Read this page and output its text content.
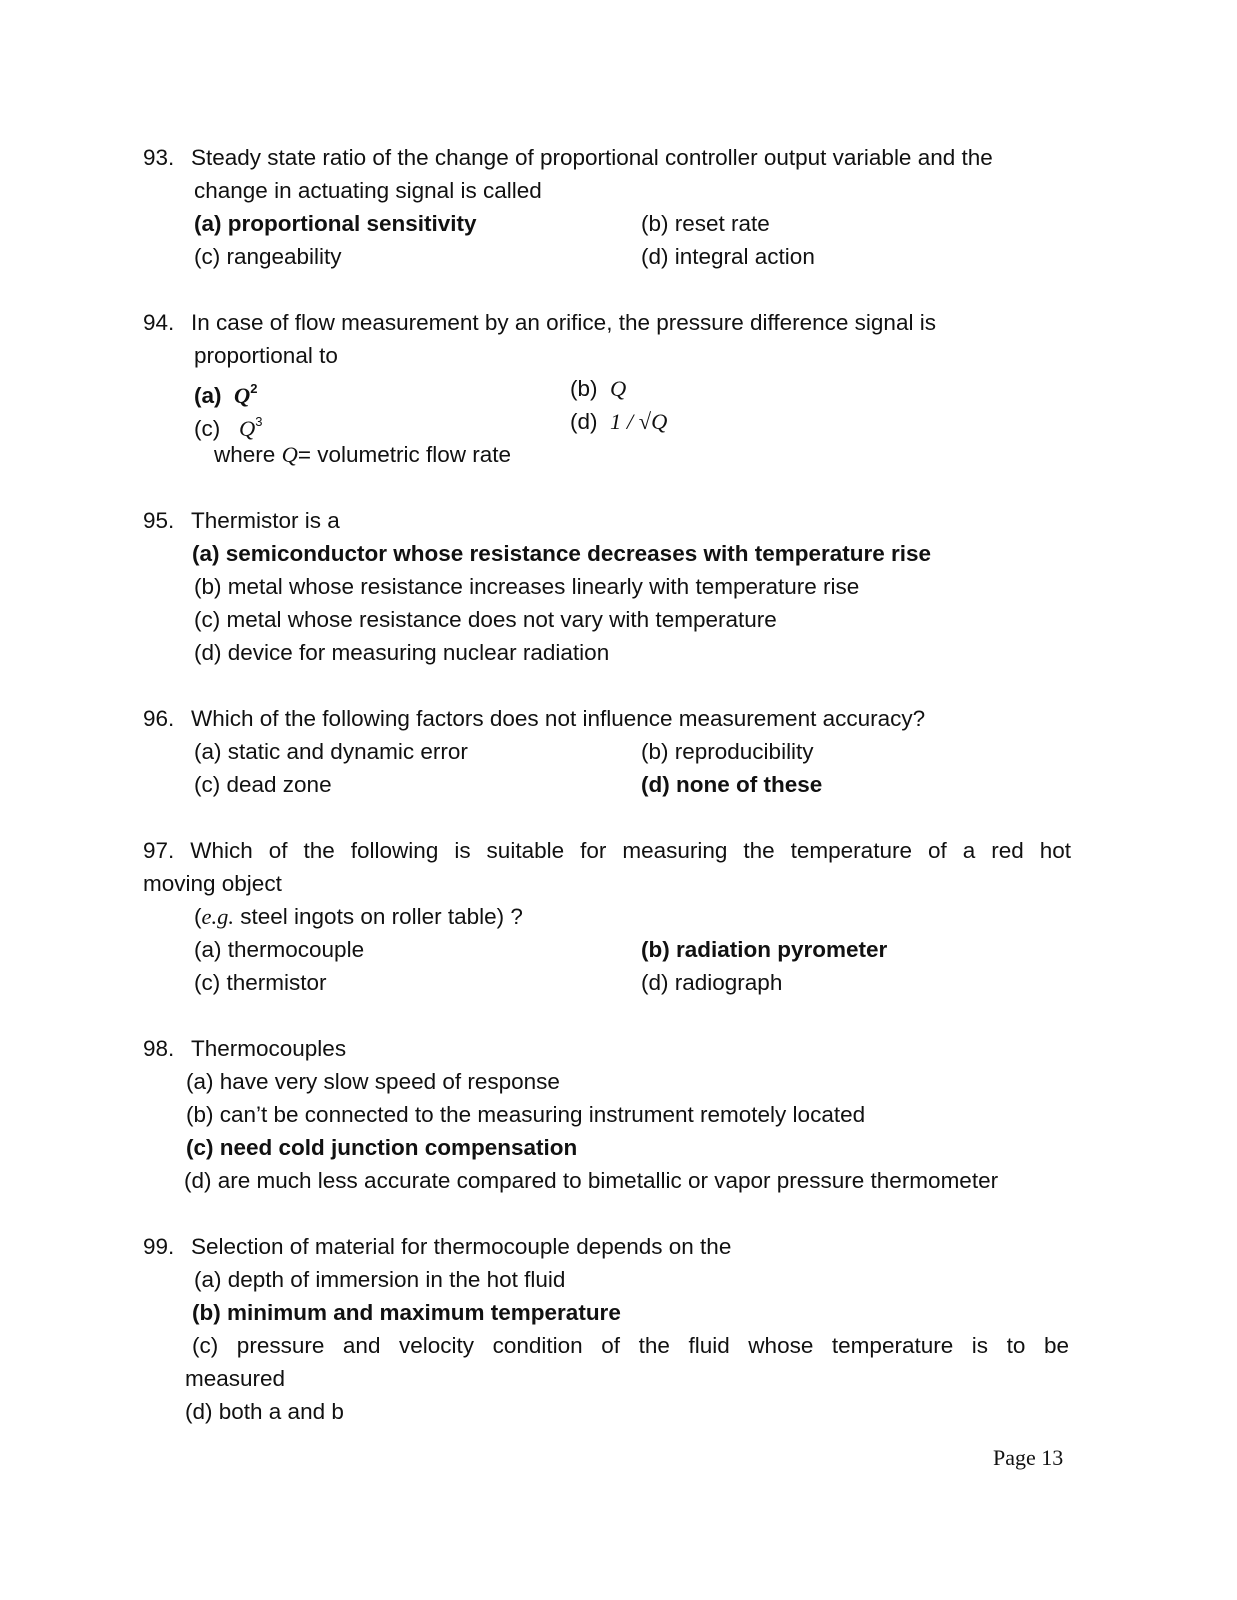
93. Steady state ratio of the change of proportional controller output variable and the
change in actuating signal is called
(a) proportional sensitivity	(b) reset rate
(c) rangeability	(d) integral action
94. In case of flow measurement by an orifice, the pressure difference signal is
proportional to
(a) $Q^2$	(b) Q
(c) $Q^3$	(d) 1 / √Q
where Q= volumetric flow rate
95. Thermistor is a
(a) semiconductor whose resistance decreases with temperature rise
(b) metal whose resistance increases linearly with temperature rise
(c) metal whose resistance does not vary with temperature
(d) device for measuring nuclear radiation
96. Which of the following factors does not influence measurement accuracy?
(a) static and dynamic error	(b) reproducibility
(c) dead zone	(d) none of these
97. Which of the following is suitable for measuring the temperature of a red hot
moving object
(e.g. steel ingots on roller table) ?
(a) thermocouple	(b) radiation pyrometer
(c) thermistor	(d) radiograph
98. Thermocouples
(a) have very slow speed of response
(b) can’t be connected to the measuring instrument remotely located
(c) need cold junction compensation
(d) are much less accurate compared to bimetallic or vapor pressure thermometer
99. Selection of material for thermocouple depends on the
(a) depth of immersion in the hot fluid
(b) minimum and maximum temperature
(c) pressure and velocity condition of the fluid whose temperature is to be
measured
(d) both a and b
Page 13
